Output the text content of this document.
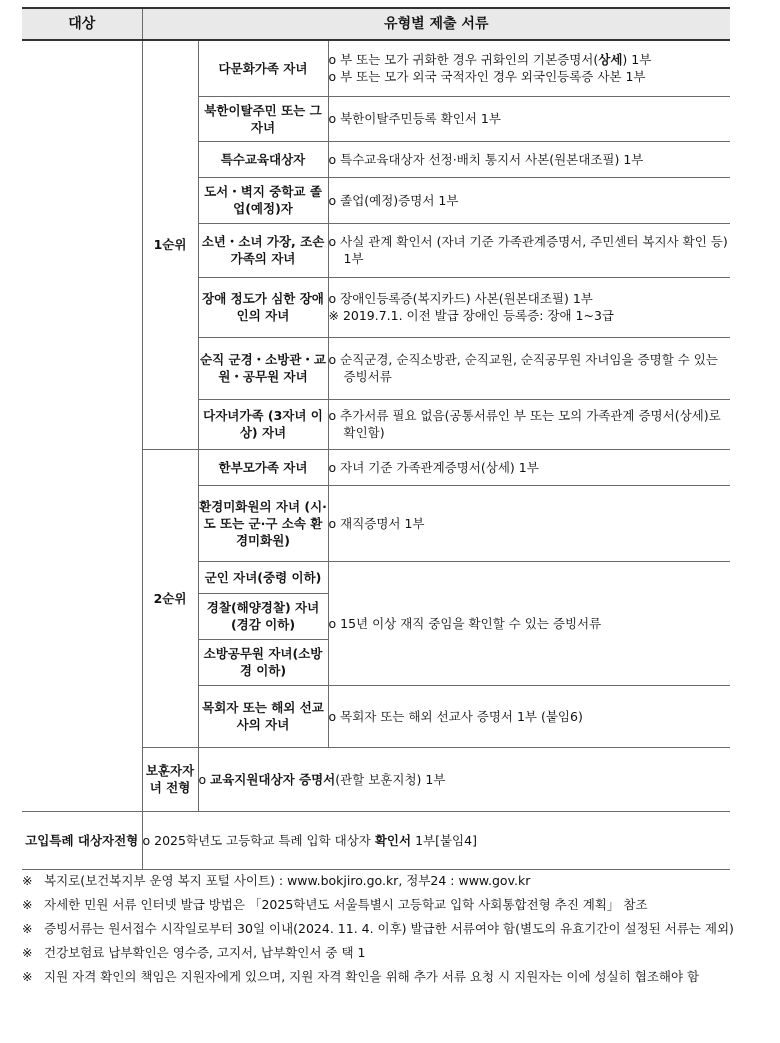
대상	유형별 제출 서류		
	1순위	다문화가족 자녀	o 부 또는 모가 귀화한 경우 귀화인의 기본증명서(상세) 1부
o 부 또는 모가 외국 국적자인 경우 외국인등록증 사본 1부

		북한이탈주민 또는 그 자녀	o 북한이탈주민등록 확인서 1부

		특수교육대상자	o 특수교육대상자 선정·배치 통지서 사본(원본대조필) 1부

		도서・벽지 중학교 졸업(예정)자	o 졸업(예정)증명서 1부

		소년・소녀 가장, 조손가족의 자녀	o 사실 관계 확인서 (자녀 기준 가족관계증명서, 주민센터 복지사 확인 등) 1부

		장애 정도가 심한 장애인의 자녀	o 장애인등록증(복지카드) 사본(원본대조필) 1부
※ 2019.7.1. 이전 발급 장애인 등록증: 장애 1~3급

		순직 군경・소방관・교원・공무원 자녀	o 순직군경, 순직소방관, 순직교원, 순직공무원 자녀임을 증명할 수 있는 증빙서류

		다자녀가족 (3자녀 이상) 자녀	o 추가서류 필요 없음(공통서류인 부 또는 모의 가족관계 증명서(상세)로 확인함)

	2순위	한부모가족 자녀	o 자녀 기준 가족관계증명서(상세) 1부

		환경미화원의 자녀 (시·도 또는 군·구 소속 환경미화원)	o 재직증명서 1부

		군인 자녀(중령 이하)	o 15년 이상 재직 중임을 확인할 수 있는 증빙서류

		경찰(해양경찰) 자녀(경감 이하)	
		소방공무원 자녀(소방경 이하)	
		목회자 또는 해외 선교사의 자녀	o 목회자 또는 해외 선교사 증명서 1부 (붙임6)

	보훈자자녀 전형	o 교육지원대상자 증명서(관할 보훈지청) 1부	
고입특례 대상자전형	o 2025학년도 고등학교 특례 입학 대상자 확인서 1부[붙임4]		
※ 복지로(보건복지부 운영 복지 포털 사이트) : www.bokjiro.go.kr, 정부24 : www.gov.kr
※ 자세한 민원 서류 인터넷 발급 방법은 「2025학년도 서울특별시 고등학교 입학 사회통합전형 추진 계획」 참조
※ 증빙서류는 원서접수 시작일로부터 30일 이내(2024. 11. 4. 이후) 발급한 서류여야 함(별도의 유효기간이 설정된 서류는 제외)
※ 건강보험료 납부확인은 영수증, 고지서, 납부확인서 중 택 1
※ 지원 자격 확인의 책임은 지원자에게 있으며, 지원 자격 확인을 위해 추가 서류 요청 시 지원자는 이에 성실히 협조해야 함
